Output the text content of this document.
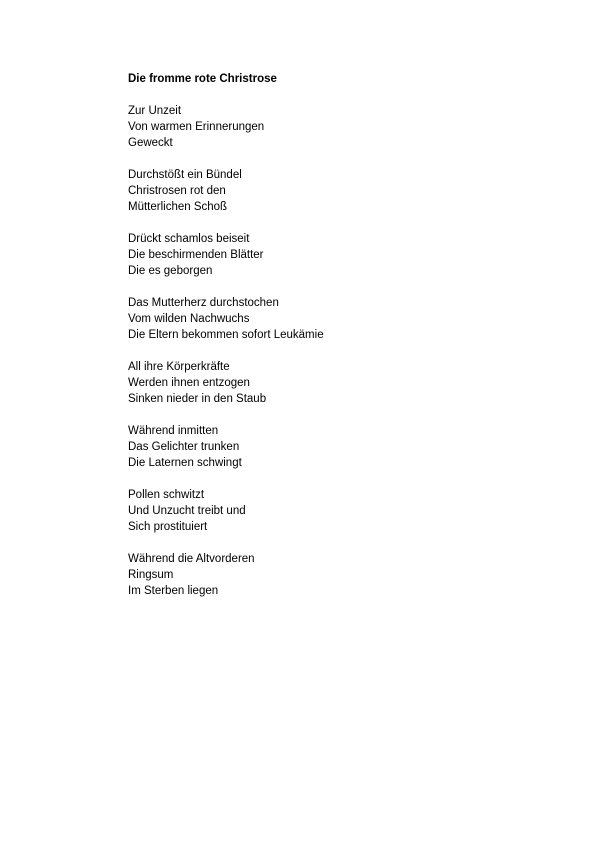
Die fromme rote Christrose
Zur Unzeit
Von warmen Erinnerungen
Geweckt
Durchstößt ein Bündel
Christrosen rot den
Mütterlichen Schoß
Drückt schamlos beiseit
Die beschirmenden Blätter
Die es geborgen
Das Mutterherz durchstochen
Vom wilden Nachwuchs
Die Eltern bekommen sofort Leukämie
All ihre Körperkräfte
Werden ihnen entzogen
Sinken nieder in den Staub
Während inmitten
Das Gelichter trunken
Die Laternen schwingt
Pollen schwitzt
Und Unzucht treibt und
Sich prostituiert
Während die Altvorderen
Ringsum
Im Sterben liegen
